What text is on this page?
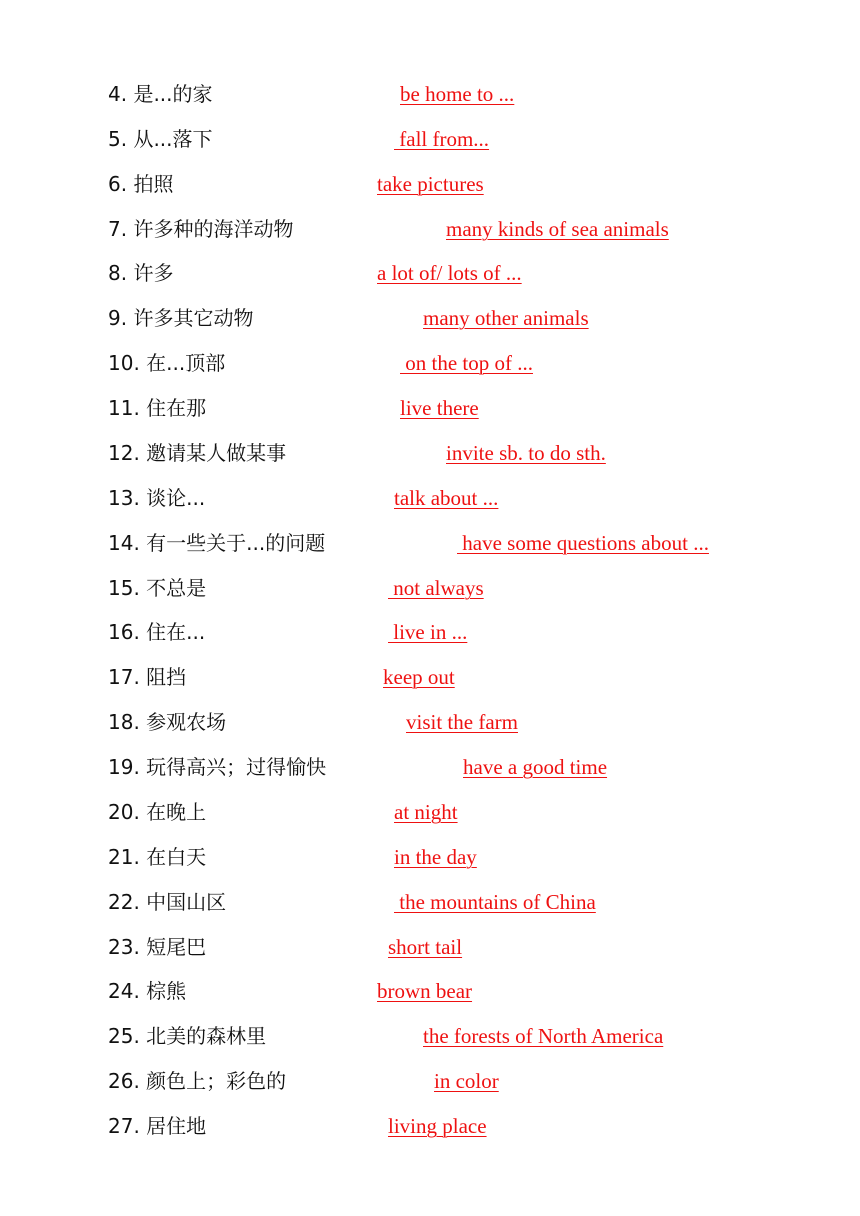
4. 是...的家	be home to ...
5. 从...落下	fall from...
6. 拍照	take pictures
7. 许多种的海洋动物	many kinds of sea animals
8. 许多	a lot of/ lots of ...
9. 许多其它动物	many other animals
10. 在...顶部	on the top of ...
11. 住在那	live there
12. 邀请某人做某事	invite sb. to do sth.
13. 谈论...	talk about ...
14. 有一些关于...的问题	have some questions about ...
15. 不总是	not always
16. 住在...	live in ...
17. 阻挡	keep out
18. 参观农场	visit the farm
19. 玩得高兴；过得愉快	have a good time
20. 在晚上	at night
21. 在白天	in the day
22. 中国山区	the mountains of China
23. 短尾巴	short tail
24. 棕熊	brown bear
25. 北美的森林里	the forests of North America
26. 颜色上；彩色的	in color
27. 居住地	living place
